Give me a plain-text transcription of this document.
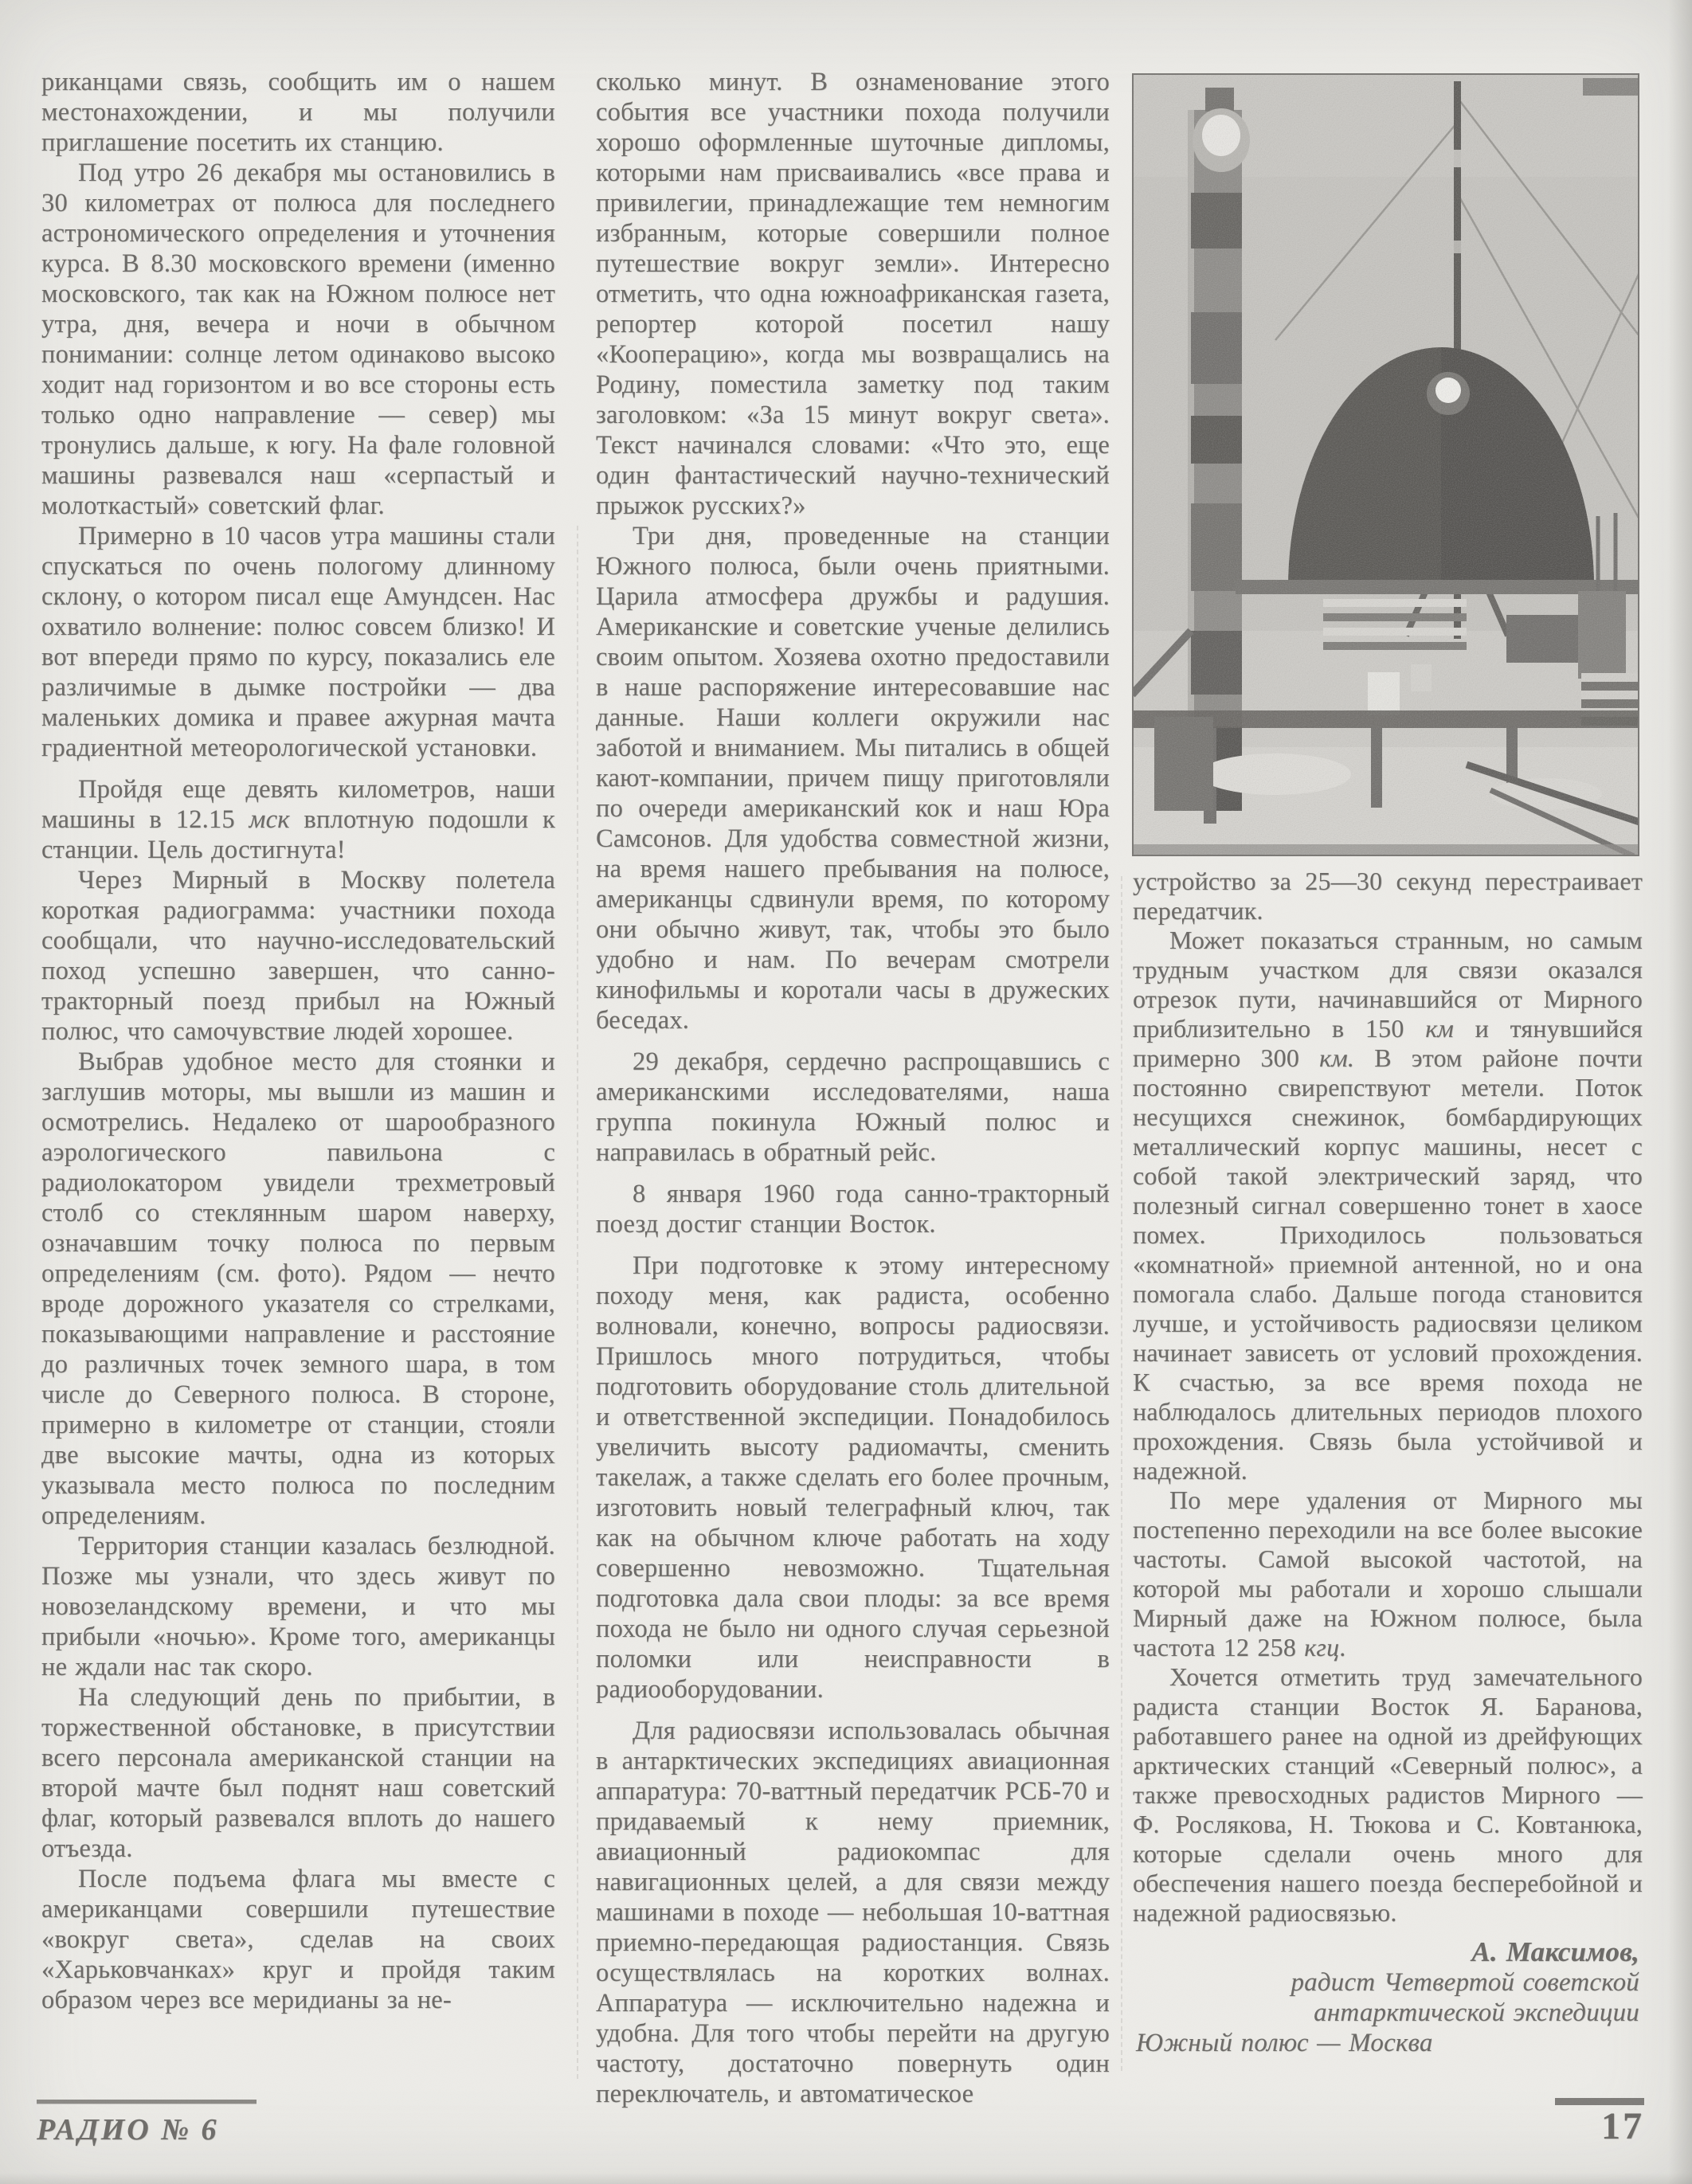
риканцами связь, сообщить им о нашем местонахождении, и мы получили приглашение посетить их станцию.

Под утро 26 декабря мы остановились в 30 километрах от полюса для последнего астрономического определения и уточнения курса. В 8.30 московского времени (именно московского, так как на Южном полюсе нет утра, дня, вечера и ночи в обычном понимании: солнце летом одинаково высоко ходит над горизонтом и во все стороны есть только одно направление — север) мы тронулись дальше, к югу. На фале головной машины развевался наш «серпастый и молоткастый» советский флаг.

Примерно в 10 часов утра машины стали спускаться по очень пологому длинному склону, о котором писал еще Амундсен. Нас охватило волнение: полюс совсем близко! И вот впереди прямо по курсу, показались еле различимые в дымке постройки — два маленьких домика и правее ажурная мачта градиентной метеорологической установки.

Пройдя еще девять километров, наши машины в 12.15 мск вплотную подошли к станции. Цель достигнута!

Через Мирный в Москву полетела короткая радиограмма: участники похода сообщали, что научно-исследовательский поход успешно завершен, что санно-тракторный поезд прибыл на Южный полюс, что самочувствие людей хорошее.

Выбрав удобное место для стоянки и заглушив моторы, мы вышли из машин и осмотрелись. Недалеко от шарообразного аэрологического павильона с радиолокатором увидели трехметровый столб со стеклянным шаром наверху, означавшим точку полюса по первым определениям (см. фото). Рядом — нечто вроде дорожного указателя со стрелками, показывающими направление и расстояние до различных точек земного шара, в том числе до Северного полюса. В стороне, примерно в километре от станции, стояли две высокие мачты, одна из которых указывала место полюса по последним определениям.

Территория станции казалась безлюдной. Позже мы узнали, что здесь живут по новозеландскому времени, и что мы прибыли «ночью». Кроме того, американцы не ждали нас так скоро.

На следующий день по прибытии, в торжественной обстановке, в присутствии всего персонала американской станции на второй мачте был поднят наш советский флаг, который развевался вплоть до нашего отъезда.

После подъема флага мы вместе с американцами совершили путешествие «вокруг света», сделав на своих «Харьковчанках» круг и пройдя таким образом через все меридианы за не-

сколько минут. В ознаменование этого события все участники похода получили хорошо оформленные шуточные дипломы, которыми нам присваивались «все права и привилегии, принадлежащие тем немногим избранным, которые совершили полное путешествие вокруг земли». Интересно отметить, что одна южноафриканская газета, репортер которой посетил нашу «Кооперацию», когда мы возвращались на Родину, поместила заметку под таким заголовком: «За 15 минут вокруг света». Текст начинался словами: «Что это, еще один фантастический научно-технический прыжок русских?»

Три дня, проведенные на станции Южного полюса, были очень приятными. Царила атмосфера дружбы и радушия. Американские и советские ученые делились своим опытом. Хозяева охотно предоставили в наше распоряжение интересовавшие нас данные. Наши коллеги окружили нас заботой и вниманием. Мы питались в общей кают-компании, причем пищу приготовляли по очереди американский кок и наш Юра Самсонов. Для удобства совместной жизни, на время нашего пребывания на полюсе, американцы сдвинули время, по которому они обычно живут, так, чтобы это было удобно и нам. По вечерам смотрели кинофильмы и коротали часы в дружеских беседах.

29 декабря, сердечно распрощавшись с американскими исследователями, наша группа покинула Южный полюс и направилась в обратный рейс.

8 января 1960 года санно-тракторный поезд достиг станции Восток.

При подготовке к этому интересному походу меня, как радиста, особенно волновали, конечно, вопросы радиосвязи. Пришлось много потрудиться, чтобы подготовить оборудование столь длительной и ответственной экспедиции. Понадобилось увеличить высоту радиомачты, сменить такелаж, а также сделать его более прочным, изготовить новый телеграфный ключ, так как на обычном ключе работать на ходу совершенно невозможно. Тщательная подготовка дала свои плоды: за все время похода не было ни одного случая серьезной поломки или неисправности в радиооборудовании.

Для радиосвязи использовалась обычная в антарктических экспедициях авиационная аппаратура: 70-ваттный передатчик РСБ-70 и придаваемый к нему приемник, авиационный радиокомпас для навигационных целей, а для связи между машинами в походе — небольшая 10-ваттная приемно-передающая радиостанция. Связь осуществлялась на коротких волнах. Аппаратура — исключительно надежна и удобна. Для того чтобы перейти на другую частоту, достаточно повернуть один переключатель, и автоматическое

устройство за 25—30 секунд перестраивает передатчик.

Может показаться странным, но самым трудным участком для связи оказался отрезок пути, начинавшийся от Мирного приблизительно в 150 км и тянувшийся примерно 300 км. В этом районе почти постоянно свирепствуют метели. Поток несущихся снежинок, бомбардирующих металлический корпус машины, несет с собой такой электрический заряд, что полезный сигнал совершенно тонет в хаосе помех. Приходилось пользоваться «комнатной» приемной антенной, но и она помогала слабо. Дальше погода становится лучше, и устойчивость радиосвязи целиком начинает зависеть от условий прохождения. К счастью, за все время похода не наблюдалось длительных периодов плохого прохождения. Связь была устойчивой и надежной.

По мере удаления от Мирного мы постепенно переходили на все более высокие частоты. Самой высокой частотой, на которой мы работали и хорошо слышали Мирный даже на Южном полюсе, была частота 12 258 кгц.

Хочется отметить труд замечательного радиста станции Восток Я. Баранова, работавшего ранее на одной из дрейфующих арктических станций «Северный полюс», а также превосходных радистов Мирного — Ф. Рослякова, Н. Тюкова и С. Ковтанюка, которые сделали очень много для обеспечения нашего поезда бесперебойной и надежной радиосвязью.

А. Максимов,
радист Четвертой советской
антарктической экспедиции
Южный полюс — Москва
РАДИО № 6	17
